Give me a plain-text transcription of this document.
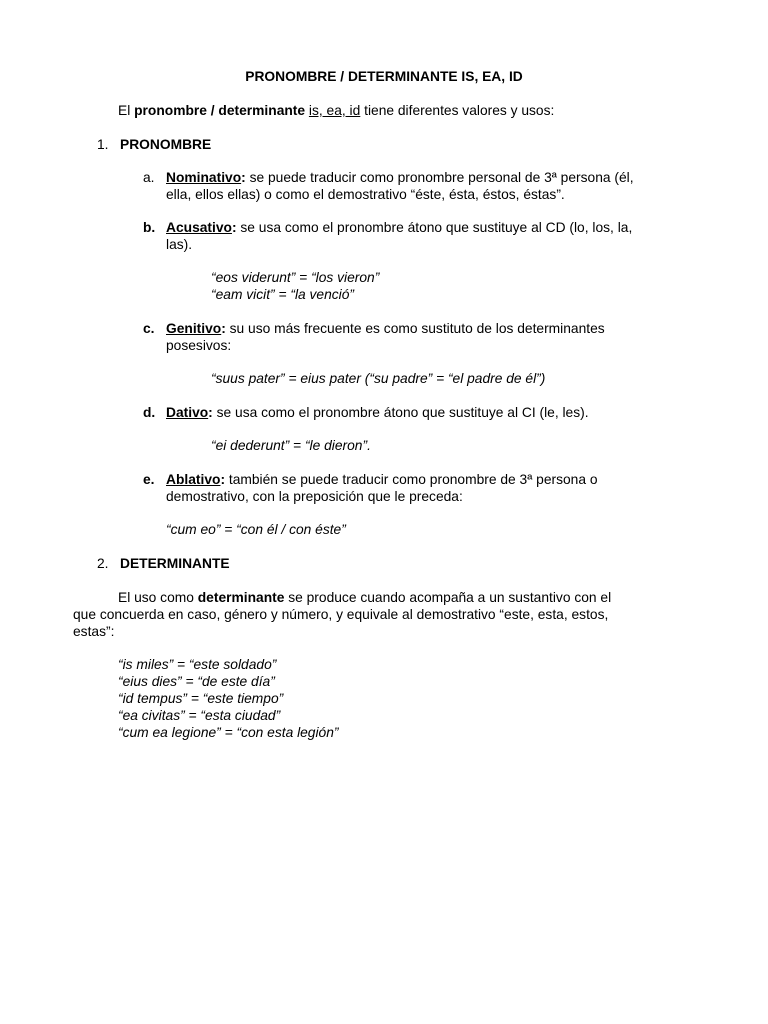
PRONOMBRE / DETERMINANTE IS, EA, ID
El pronombre / determinante is, ea, id tiene diferentes valores y usos:
1. PRONOMBRE
a. Nominativo: se puede traducir como pronombre personal de 3ª persona (él,
ella, ellos ellas) o como el demostrativo “éste, ésta, éstos, éstas”.
b. Acusativo: se usa como el pronombre átono que sustituye al CD (lo, los, la,
las).
“eos viderunt” = “los vieron”
“eam vicit” = “la venció”
c. Genitivo: su uso más frecuente es como sustituto de los determinantes
posesivos:
“suus pater” = eius pater (“su padre” = “el padre de él”)
d. Dativo: se usa como el pronombre átono que sustituye al CI (le, les).
“ei dederunt” = “le dieron”.
e. Ablativo: también se puede traducir como pronombre de 3ª persona o
demostrativo, con la preposición que le preceda:
“cum eo” = “con él / con éste”
2. DETERMINANTE
El uso como determinante se produce cuando acompaña a un sustantivo con el
que concuerda en caso, género y número, y equivale al demostrativo “este, esta, estos,
estas”:
“is miles” = “este soldado”
“eius dies” = “de este día”
“id tempus” = “este tiempo”
“ea civitas” = “esta ciudad”
“cum ea legione” = “con esta legión”
